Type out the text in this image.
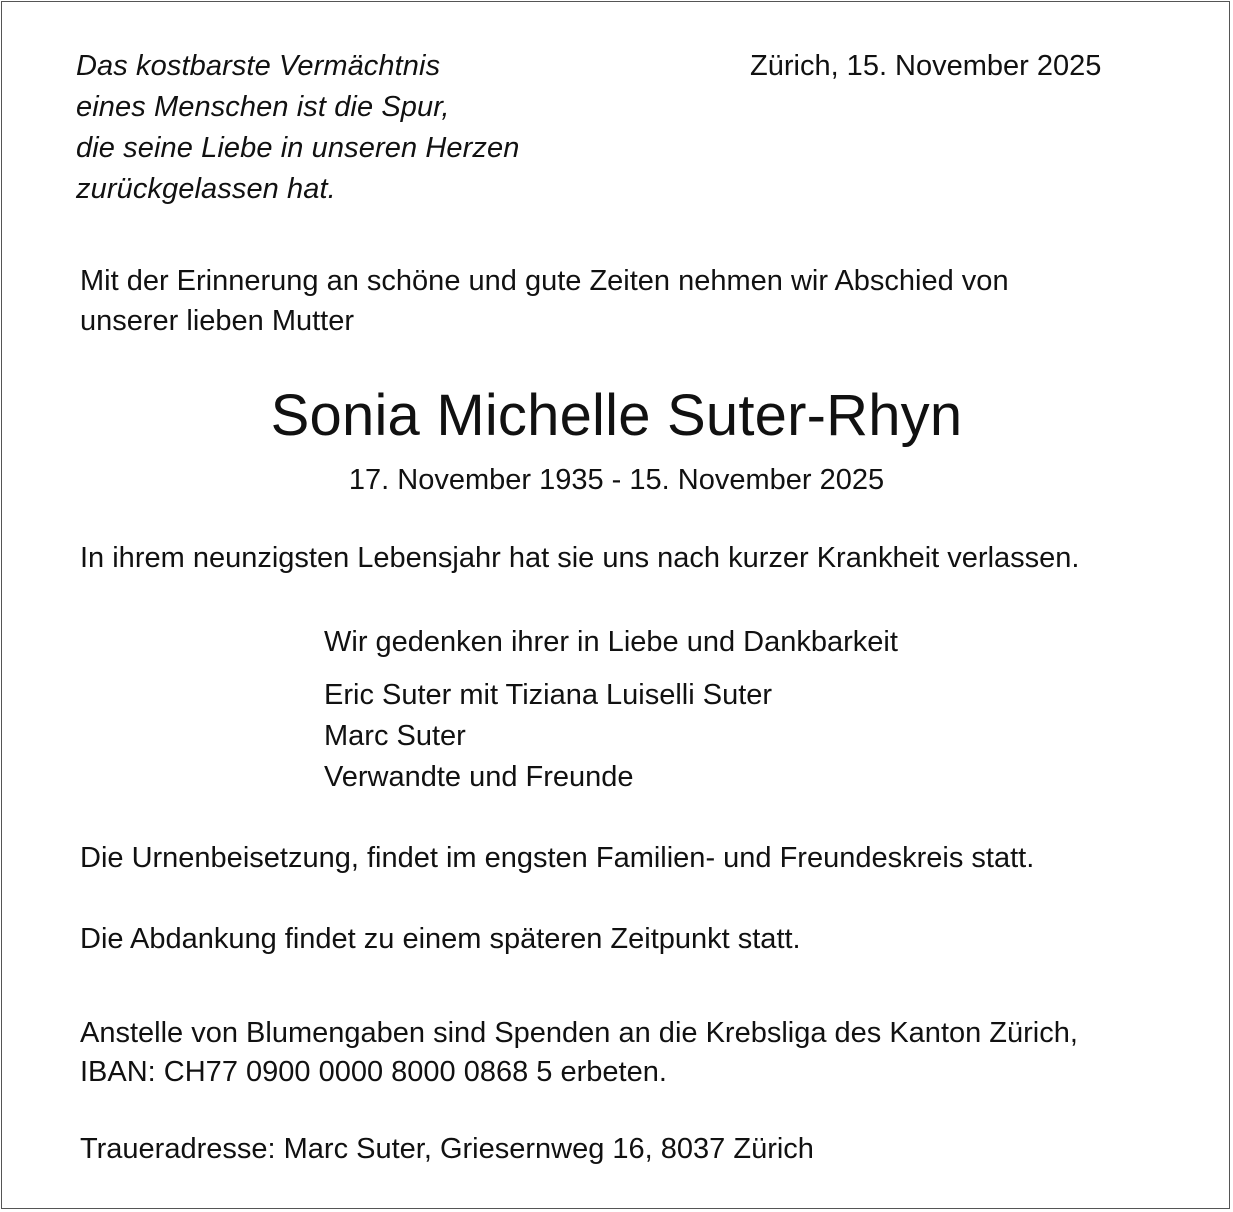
Das kostbarste Vermächtnis
eines Menschen ist die Spur,
die seine Liebe in unseren Herzen
zurückgelassen hat.
Zürich, 15. November 2025
Mit der Erinnerung an schöne und gute Zeiten nehmen wir Abschied von
unserer lieben Mutter
Sonia Michelle Suter-Rhyn
17. November 1935 - 15. November 2025
In ihrem neunzigsten Lebensjahr hat sie uns nach kurzer Krankheit verlassen.
Wir gedenken ihrer in Liebe und Dankbarkeit
Eric Suter mit Tiziana Luiselli Suter
Marc Suter
Verwandte und Freunde
Die Urnenbeisetzung, findet im engsten Familien- und Freundeskreis statt.
Die Abdankung findet zu einem späteren Zeitpunkt statt.
Anstelle von Blumengaben sind Spenden an die Krebsliga des Kanton Zürich,
IBAN: CH77 0900 0000 8000 0868 5 erbeten.
Traueradresse: Marc Suter, Griesernweg 16, 8037 Zürich
